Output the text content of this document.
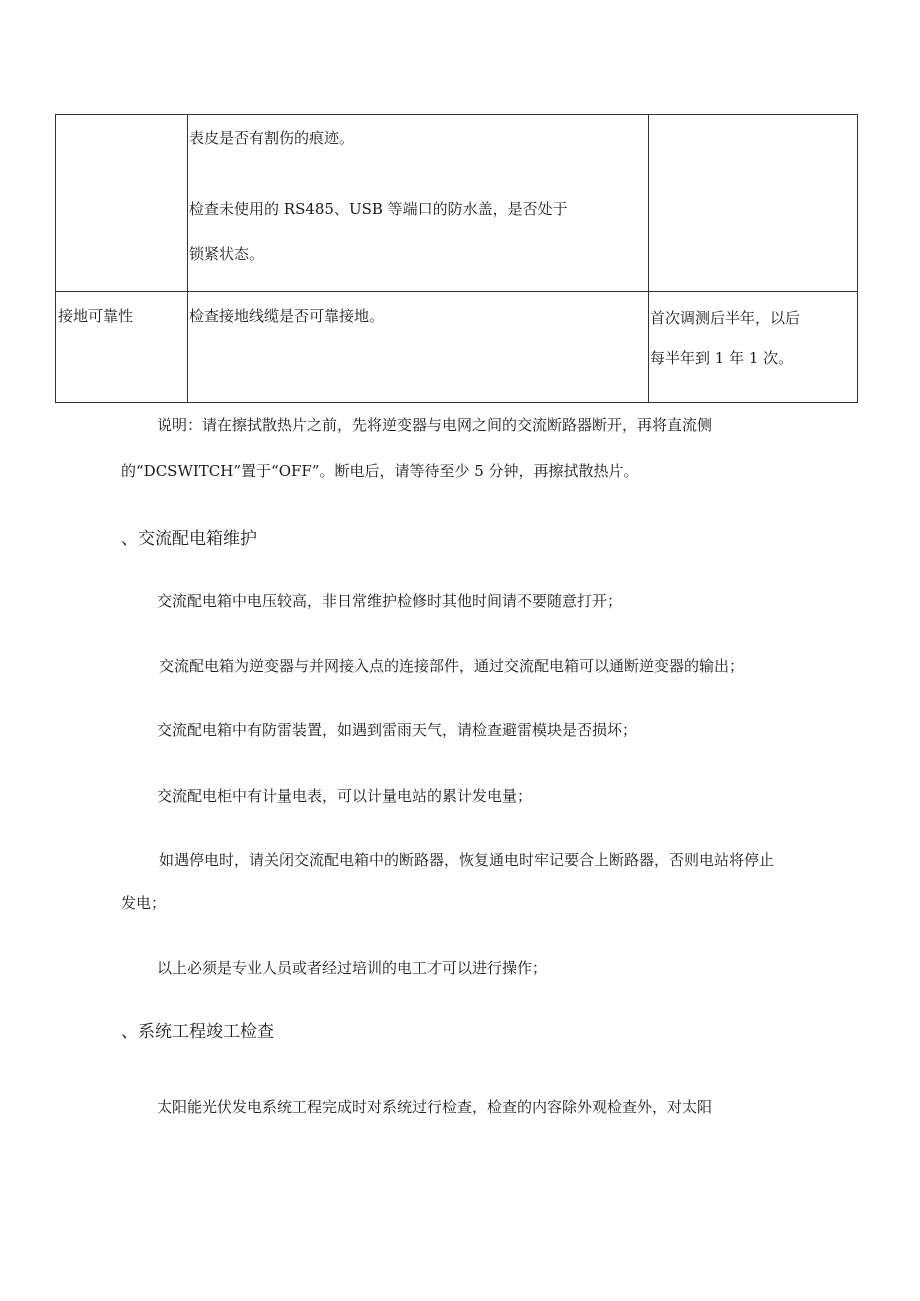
	表皮是否有割伤的痕迹。
检查未使用的 RS485、USB 等端口的防水盖，是否处于
锁紧状态。	

接地可靠性	检查接地线缆是否可靠接地。	首次调测后半年，以后
每半年到 1 年 1 次。
说明：请在擦拭散热片之前，先将逆变器与电网之间的交流断路器断开，再将直流侧
的“DCSWITCH”置于“OFF”。断电后，请等待至少 5 分钟，再擦拭散热片。
、交流配电箱维护
交流配电箱中电压较高，非日常维护检修时其他时间请不要随意打开；
交流配电箱为逆变器与并网接入点的连接部件，通过交流配电箱可以通断逆变器的输出；
交流配电箱中有防雷装置，如遇到雷雨天气，请检查避雷模块是否损坏；
交流配电柜中有计量电表，可以计量电站的累计发电量；
如遇停电时，请关闭交流配电箱中的断路器，恢复通电时牢记要合上断路器，否则电站将停止
发电；
以上必须是专业人员或者经过培训的电工才可以进行操作；
、系统工程竣工检查
太阳能光伏发电系统工程完成时对系统过行检查，检查的内容除外观检查外，对太阳
